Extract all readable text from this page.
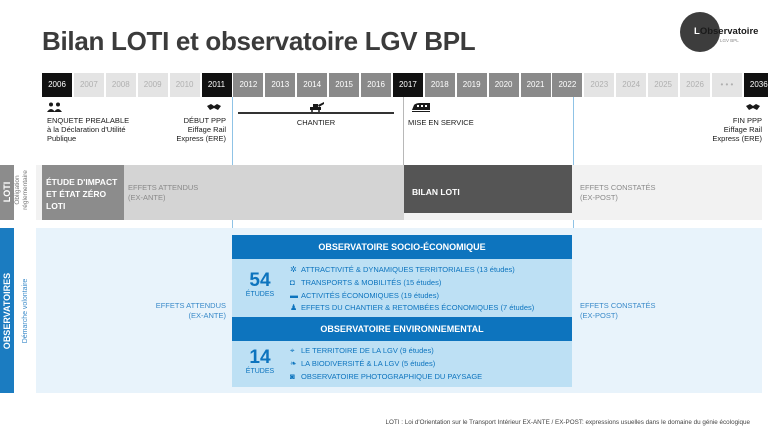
Bilan LOTI et observatoire LGV BPL	LObservatoire
LGV BPL
2006	2007	2008	2009	2010	2011	2012	2013	2014	2015	2016	2017	2018	2019	2020	2021	2022	2023	2024	2025	2026	• • •	2036
ENQUETE PREALABLE
à la Déclaration d'Utilité
Publique
DÉBUT PPP
Eiffage Rail
Express (ERE)
CHANTIER	MISE EN SERVICE	FIN PPP
Eiffage Rail
Express (ERE)
LOTI Obligation réglementaire ÉTUDE D'IMPACT
ET ÉTAT ZÉRO
LOTI
EFFETS ATTENDUS
(EX-ANTE)
BILAN LOTI	EFFETS CONSTATÉS
(EX-POST)
OBSERVATOIRES Démarche volontaire	EFFETS ATTENDUS
(EX-ANTE)
EFFETS CONSTATÉS
(EX-POST)
OBSERVATOIRE SOCIO-ÉCONOMIQUE
54
ÉTUDES
✲ ATTRACTIVITÉ & DYNAMIQUES TERRITORIALES (13 études)
◘ TRANSPORTS & MOBILITÉS (15 études)
▬ ACTIVITÉS ÉCONOMIQUES (19 études)
♟ EFFETS DU CHANTIER & RETOMBÉES ÉCONOMIQUES (7 études)
OBSERVATOIRE ENVIRONNEMENTAL
14
ÉTUDES
⌖ LE TERRITOIRE DE LA LGV (9 études)
❧ LA BIODIVERSITÉ & LA LGV (5 études)
◙ OBSERVATOIRE PHOTOGRAPHIQUE DU PAYSAGE
LOTI : Loi d'Orientation sur le Transport Intérieur EX-ANTE / EX-POST: expressions usuelles dans le domaine du génie écologique
